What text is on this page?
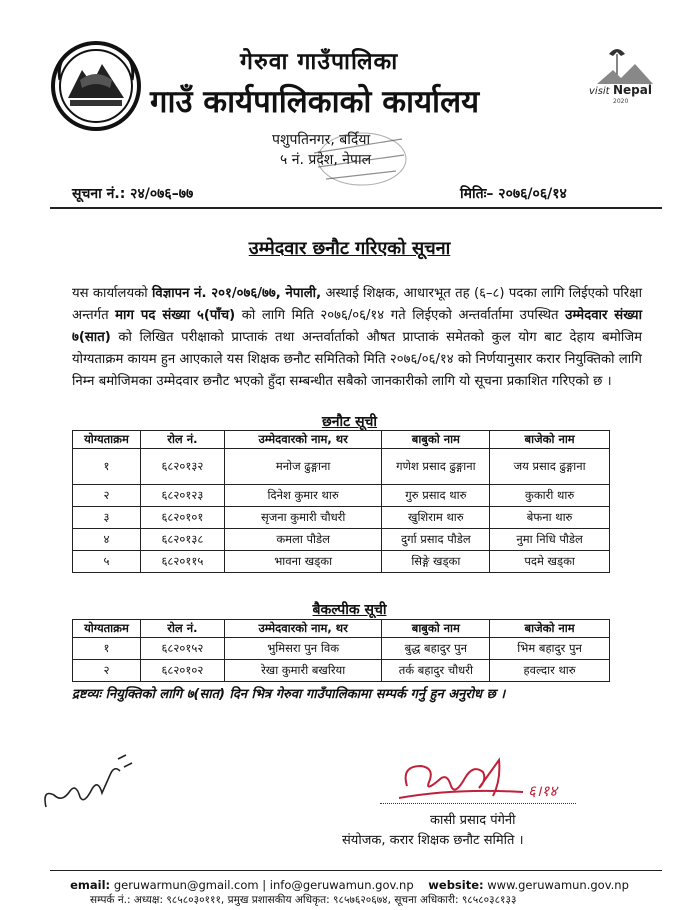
गेरुवा गाउँपालिका
गाउँ कार्यपालिकाको कार्यालय
पशुपतिनगर, बर्दिया
५ नं. प्रदेश, नेपाल
visit Nepal
2020
सूचना नं.: २४/०७६–७७	मितिः– २०७६/०६/१४
उम्मेदवार छनौट गरिएको सूचना
यस कार्यालयको विज्ञापन नं. २०१/०७६/७७, नेपाली, अस्थाई शिक्षक, आधारभूत तह (६–८) पदका लागि लिईएको परिक्षा अन्तर्गत माग पद संख्या ५(पाँच) को लागि मिति २०७६/०६/१४ गते लिईएको अन्तर्वार्तामा उपस्थित उम्मेदवार संख्या ७(सात) को लिखित परीक्षाको प्राप्ताकं तथा अन्तर्वार्ताको औषत प्राप्ताकं समेतको कुल योग बाट देहाय बमोजिम योग्यताक्रम कायम हुन आएकाले यस शिक्षक छनौट समितिको मिति २०७६/०६/१४ को निर्णयानुसार करार नियुक्तिको लागि निम्न बमोजिमका उम्मेदवार छनौट भएको हुँदा सम्बन्धीत सबैको जानकारीको लागि यो सूचना प्रकाशित गरिएको छ ।
छनौट सूची
योग्यताक्रम	रोल नं.	उम्मेदवारको नाम, थर	बाबुको नाम	बाजेको नाम
१	६८२०१३२	मनोज ढुङ्गाना	गणेश प्रसाद ढुङ्गाना	जय प्रसाद ढुङ्गाना
२	६८२०१२३	दिनेश कुमार थारु	गुरु प्रसाद थारु	कुकारी थारु
३	६८२०१०१	सृजना कुमारी चौधरी	खुशिराम थारु	बेफना थारु
४	६८२०१३८	कमला पौडेल	दुर्गा प्रसाद पौडेल	नुमा निधि पौडेल
५	६८२०११५	भावना खड्का	सिङ्गे खड्का	पदमे खड्का
बैकल्पीक सूची
योग्यताक्रम	रोल नं.	उम्मेदवारको नाम, थर	बाबुको नाम	बाजेको नाम
१	६८२०१५२	भुमिसरा पुन विक	बुद्ध बहादुर पुन	भिम बहादुर पुन
२	६८२०१०२	रेखा कुमारी बखरिया	तर्क बहादुर चौधरी	हवल्दार थारु
द्रष्टव्यः नियुक्तिको लागि ७(सात) दिन भित्र गेरुवा गाउँपालिकामा सम्पर्क गर्नु हुन अनुरोध छ ।
६।१४
कासी प्रसाद पंगेनी
संयोजक, करार शिक्षक छनौट समिति ।
email: geruwarmun@gmail.com | info@geruwamun.gov.np website: www.geruwamun.gov.np
सम्पर्क नं.: अध्यक्ष: ९८५८०३०१११, प्रमुख प्रशासकीय अधिकृत: ९८५७६२०६७४, सूचना अधिकारी: ९८५८०३८१३३
